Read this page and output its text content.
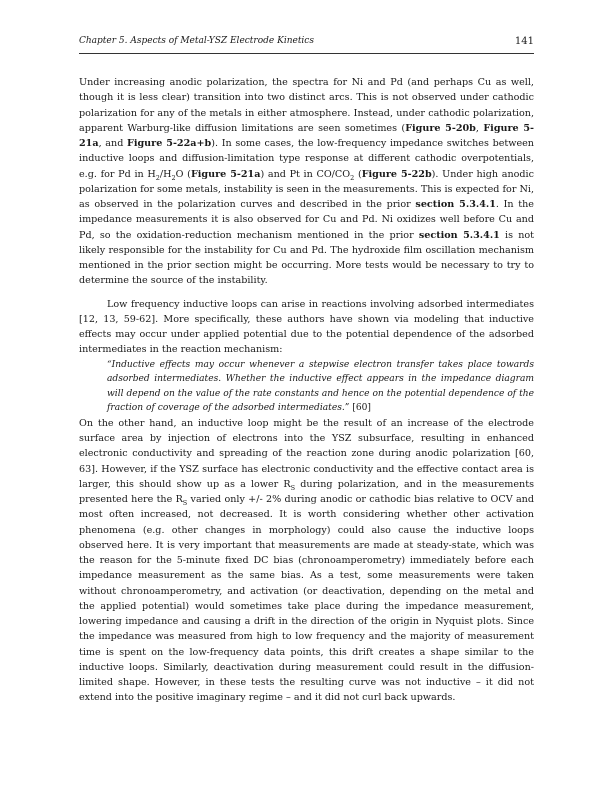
Chapter 5. Aspects of Metal-YSZ Electrode Kinetics	141

Under increasing anodic polarization, the spectra for Ni and Pd (and perhaps Cu as well, though it is less clear) transition into two distinct arcs. This is not observed under cathodic polarization for any of the metals in either atmosphere. Instead, under cathodic polarization, apparent Warburg-like diffusion limitations are seen sometimes (Figure 5-20b, Figure 5-21a, and Figure 5-22a+b). In some cases, the low-frequency impedance switches between inductive loops and diffusion-limitation type response at different cathodic overpotentials, e.g. for Pd in $H_2/H_2O$ (Figure 5-21a) and Pt in $CO/CO_2$ (Figure 5-22b). Under high anodic polarization for some metals, instability is seen in the measurements. This is expected for Ni, as observed in the polarization curves and described in the prior section 5.3.4.1. In the impedance measurements it is also observed for Cu and Pd. Ni oxidizes well before Cu and Pd, so the oxidation-reduction mechanism mentioned in the prior section 5.3.4.1 is not likely responsible for the instability for Cu and Pd. The hydroxide film oscillation mechanism mentioned in the prior section might be occurring. More tests would be necessary to try to determine the source of the instability.

Low frequency inductive loops can arise in reactions involving adsorbed intermediates [12, 13, 59-62]. More specifically, these authors have shown via modeling that inductive effects may occur under applied potential due to the potential dependence of the adsorbed intermediates in the reaction mechanism:

“Inductive effects may occur whenever a stepwise electron transfer takes place towards adsorbed intermediates. Whether the inductive effect appears in the impedance diagram will depend on the value of the rate constants and hence on the potential dependence of the fraction of coverage of the adsorbed intermediates.” [60]

On the other hand, an inductive loop might be the result of an increase of the electrode surface area by injection of electrons into the YSZ subsurface, resulting in enhanced electronic conductivity and spreading of the reaction zone during anodic polarization [60, 63]. However, if the YSZ surface has electronic conductivity and the effective contact area is larger, this should show up as a lower $R_S$ during polarization, and in the measurements presented here the $R_S$ varied only +/- 2% during anodic or cathodic bias relative to OCV and most often increased, not decreased. It is worth considering whether other activation phenomena (e.g. other changes in morphology) could also cause the inductive loops observed here. It is very important that measurements are made at steady-state, which was the reason for the 5-minute fixed DC bias (chronoamperometry) immediately before each impedance measurement as the same bias. As a test, some measurements were taken without chronoamperometry, and activation (or deactivation, depending on the metal and the applied potential) would sometimes take place during the impedance measurement, lowering impedance and causing a drift in the direction of the origin in Nyquist plots. Since the impedance was measured from high to low frequency and the majority of measurement time is spent on the low-frequency data points, this drift creates a shape similar to the inductive loops. Similarly, deactivation during measurement could result in the diffusion-limited shape. However, in these tests the resulting curve was not inductive – it did not extend into the positive imaginary regime – and it did not curl back upwards.
